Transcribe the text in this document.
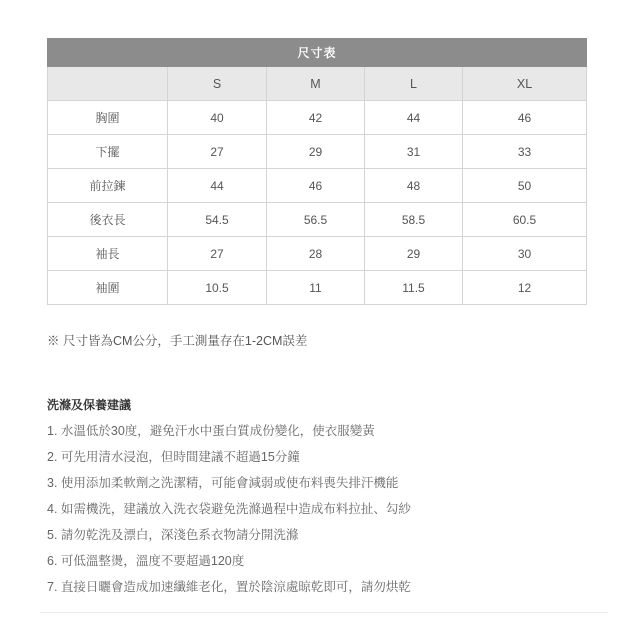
尺寸表				
	S	M	L	XL
胸圍	40	42	44	46
下擺	27	29	31	33
前拉鍊	44	46	48	50
後衣長	54.5	56.5	58.5	60.5
袖長	27	28	29	30
袖圍	10.5	11	11.5	12
※ 尺寸皆為CM公分，手工測量存在1-2CM誤差
洗滌及保養建議
1. 水溫低於30度，避免汗水中蛋白質成份變化，使衣服變黃
2. 可先用清水浸泡，但時間建議不超過15分鐘
3. 使用添加柔軟劑之洗潔精，可能會減弱或使布料喪失排汗機能
4. 如需機洗，建議放入洗衣袋避免洗滌過程中造成布料拉扯、勾紗
5. 請勿乾洗及漂白，深淺色系衣物請分開洗滌
6. 可低溫整燙，溫度不要超過120度
7. 直接日曬會造成加速纖維老化，置於陰涼處晾乾即可，請勿烘乾
